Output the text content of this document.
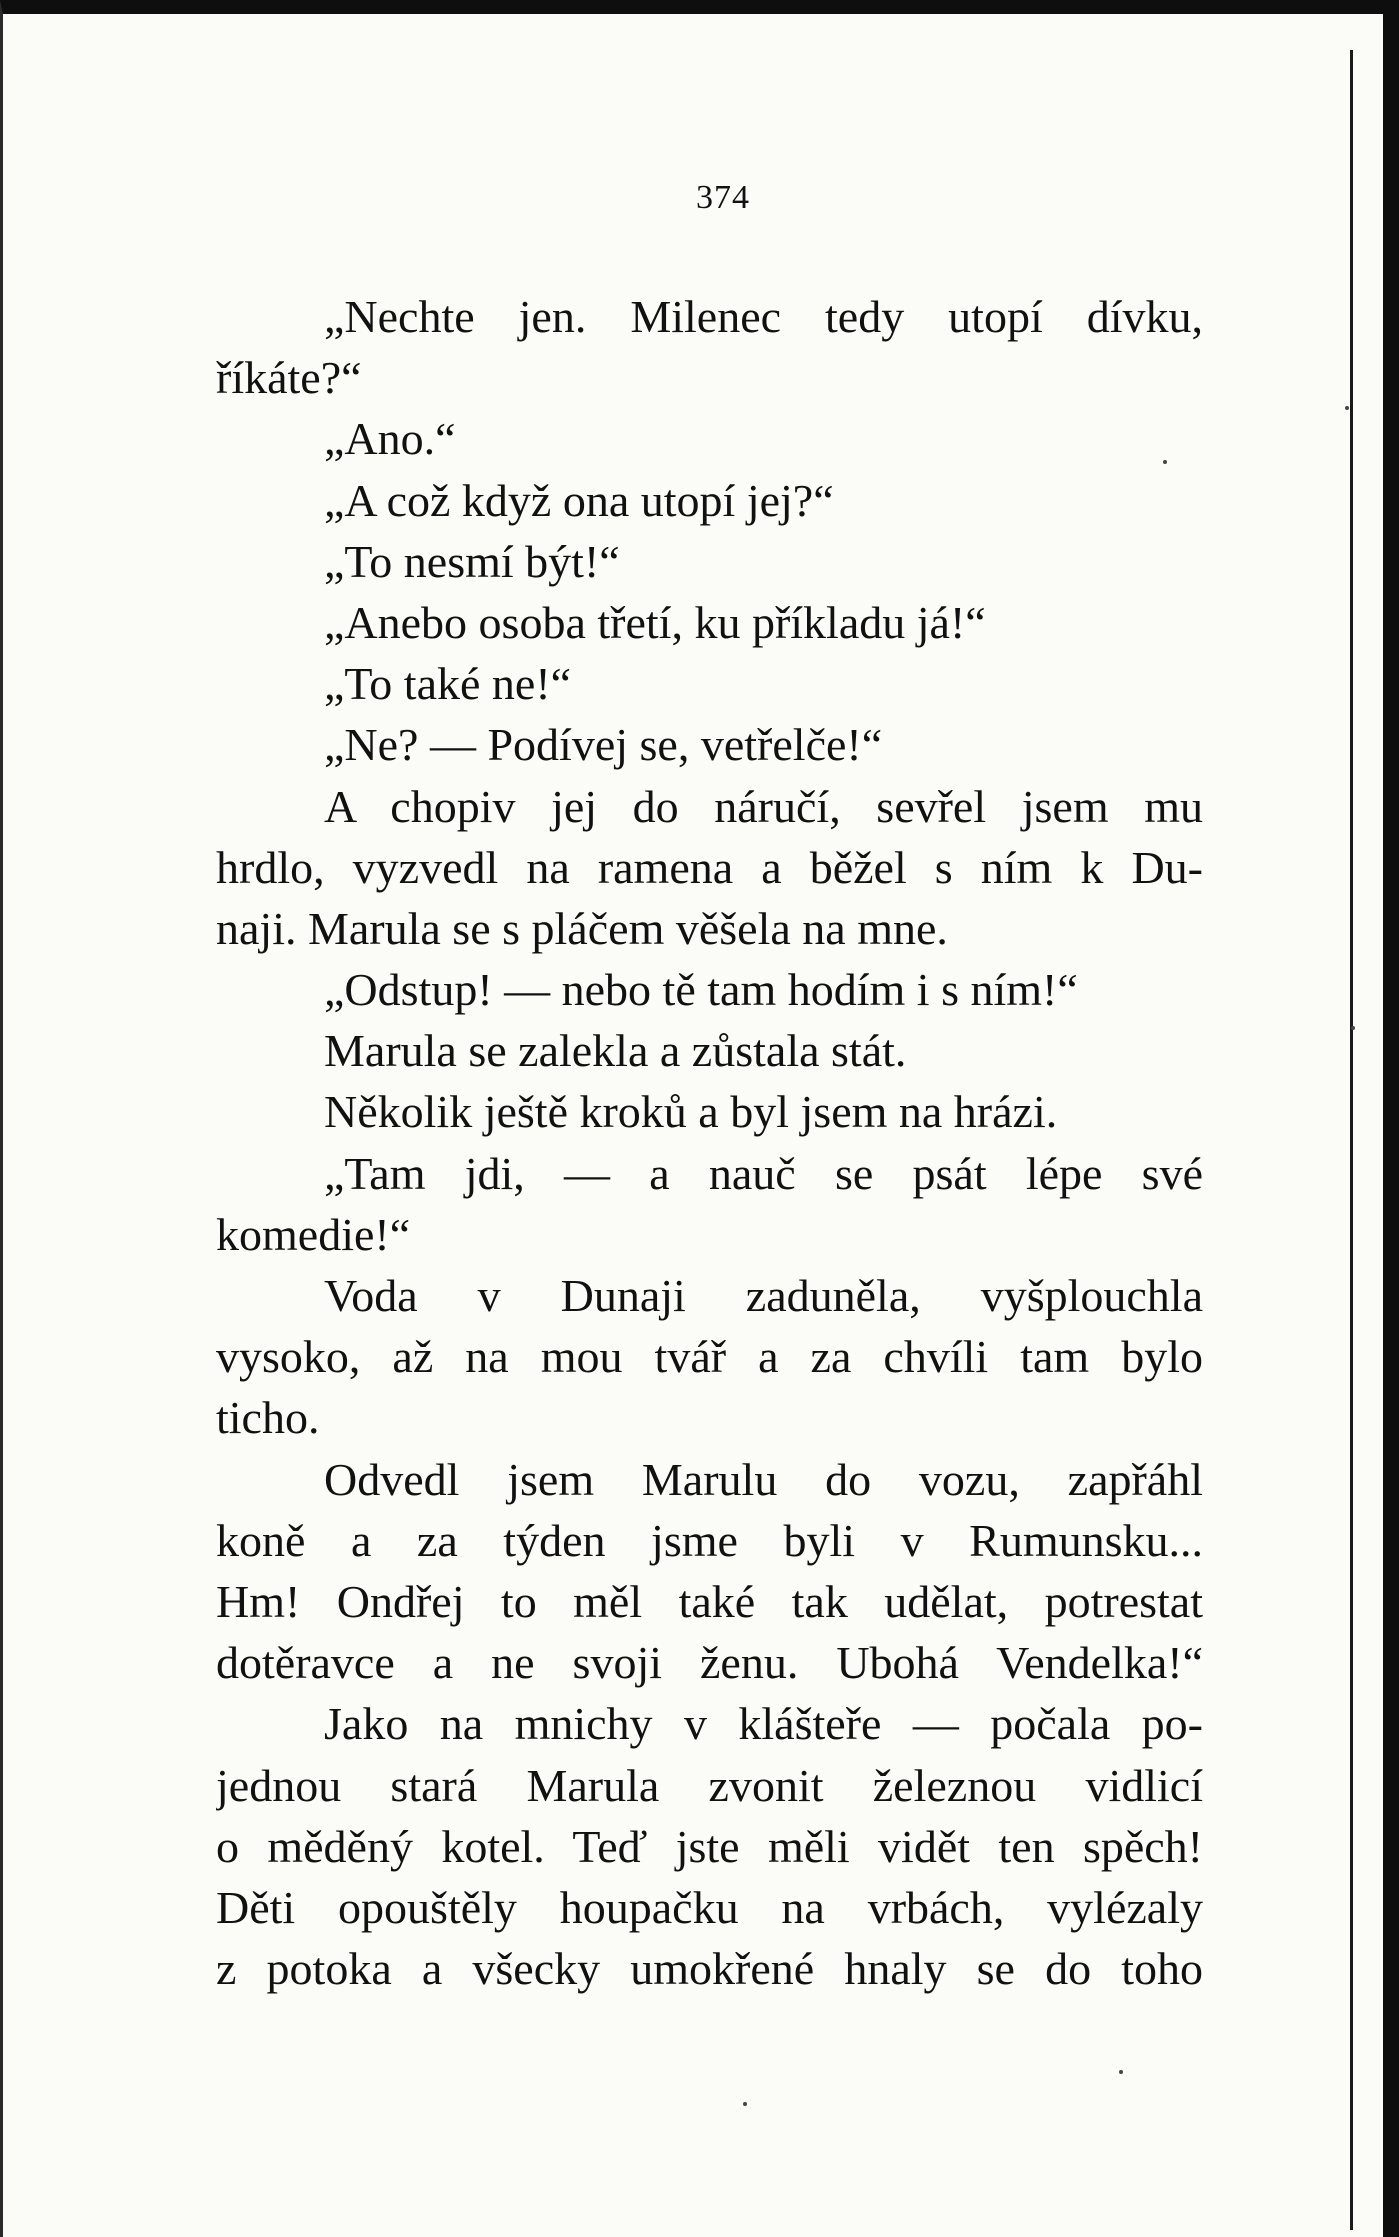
374
„Nechte jen. Milenec tedy utopí dívku,
říkáte?“
„Ano.“
„A což když ona utopí jej?“
„To nesmí být!“
„Anebo osoba třetí, ku příkladu já!“
„To také ne!“
„Ne? — Podívej se, vetřelče!“
A chopiv jej do náručí, sevřel jsem mu
hrdlo, vyzvedl na ramena a běžel s ním k Du-
naji. Marula se s pláčem věšela na mne.
„Odstup! — nebo tě tam hodím i s ním!“
Marula se zalekla a zůstala stát.
Několik ještě kroků a byl jsem na hrázi.
„Tam jdi, — a nauč se psát lépe své
komedie!“
Voda v Dunaji zaduněla, vyšplouchla
vysoko, až na mou tvář a za chvíli tam bylo
ticho.
Odvedl jsem Marulu do vozu, zapřáhl
koně a za týden jsme byli v Rumunsku...
Hm! Ondřej to měl také tak udělat, potrestat
dotěravce a ne svoji ženu. Ubohá Vendelka!“
Jako na mnichy v klášteře — počala po-
jednou stará Marula zvonit železnou vidlicí
o měděný kotel. Teď jste měli vidět ten spěch!
Děti opouštěly houpačku na vrbách, vylézaly
z potoka a všecky umokřené hnaly se do toho
